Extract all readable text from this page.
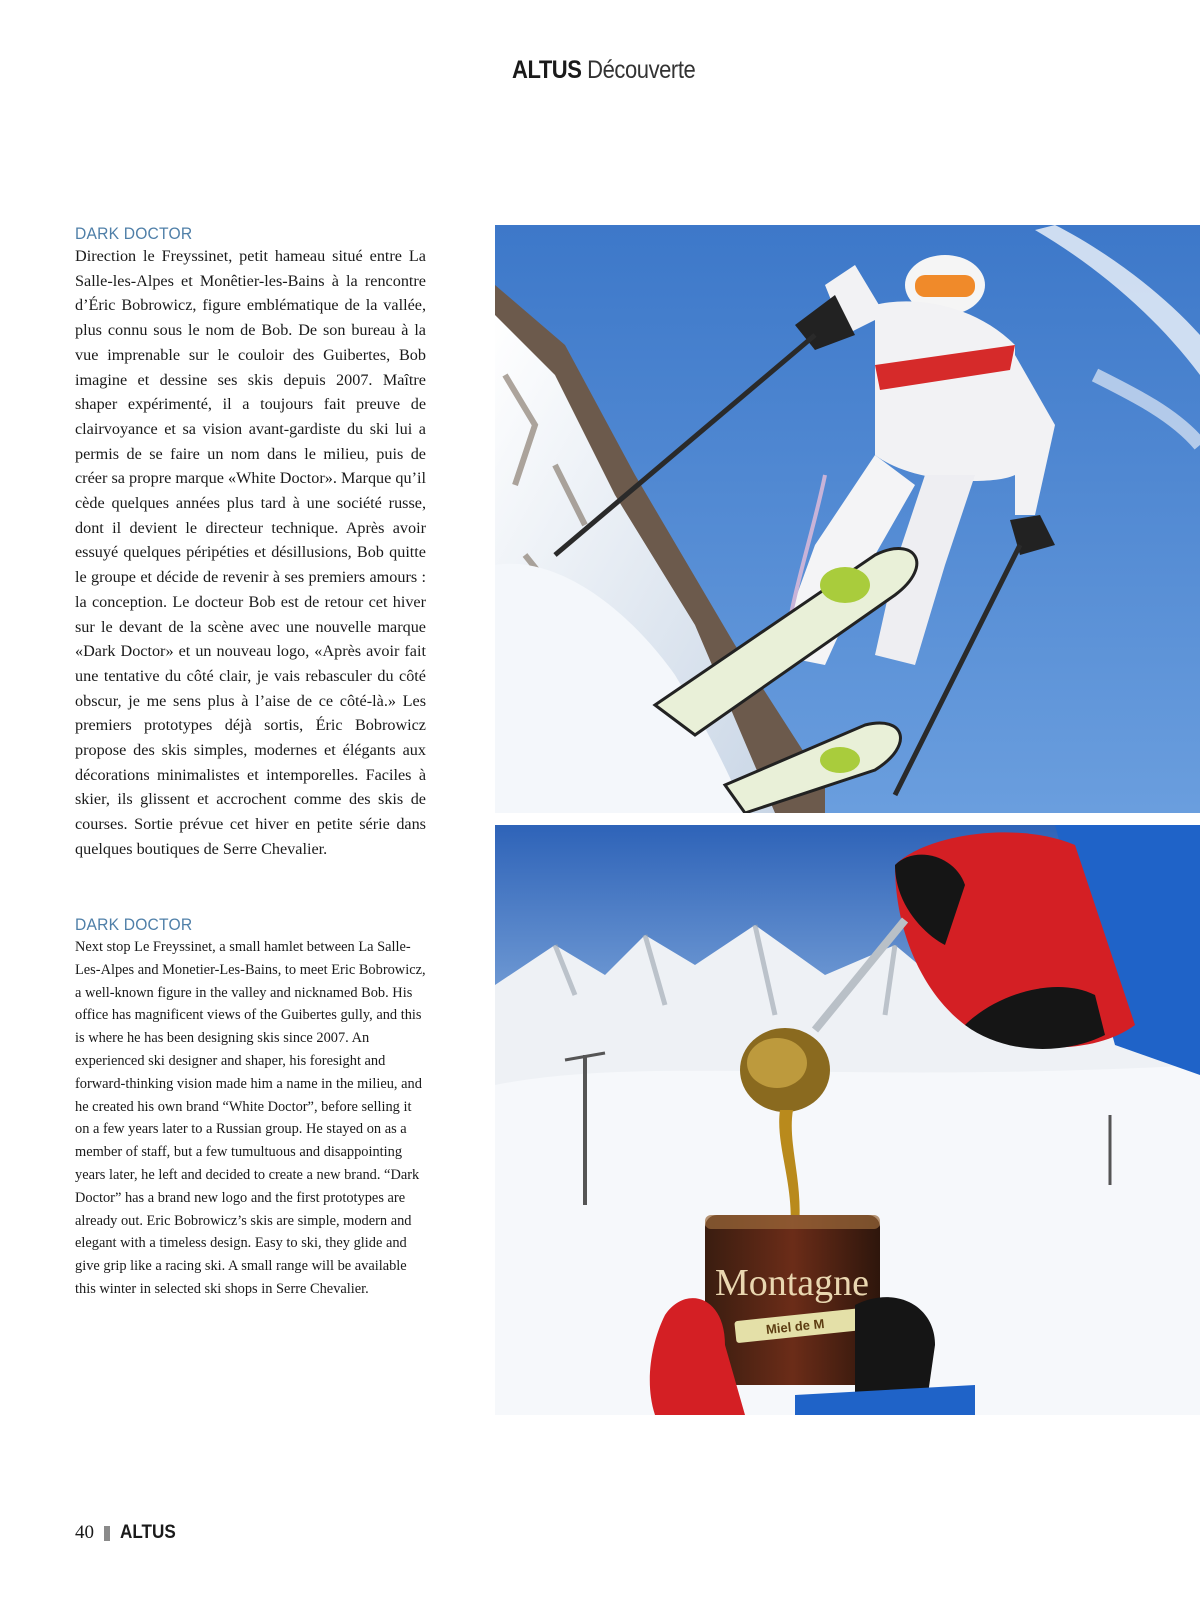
ALTUS Découverte
DARK DOCTOR
Direction le Freyssinet, petit hameau situé entre La Salle-les-Alpes et Monêtier-les-Bains à la rencontre d’Éric Bobrowicz, figure emblématique de la vallée, plus connu sous le nom de Bob. De son bureau à la vue imprenable sur le couloir des Guibertes, Bob imagine et dessine ses skis depuis 2007. Maître shaper expérimenté, il a toujours fait preuve de clairvoyance et sa vision avant-gardiste du ski lui a permis de se faire un nom dans le milieu, puis de créer sa propre marque «White Doctor». Marque qu’il cède quelques années plus tard à une société russe, dont il devient le directeur technique. Après avoir essuyé quelques péripéties et désillusions, Bob quitte le groupe et décide de revenir à ses premiers amours : la conception. Le docteur Bob est de retour cet hiver sur le devant de la scène avec une nouvelle marque «Dark Doctor» et un nouveau logo, «Après avoir fait une tentative du côté clair, je vais rebasculer du côté obscur, je me sens plus à l’aise de ce côté-là.» Les premiers prototypes déjà sortis, Éric Bobrowicz propose des skis simples, modernes et élégants aux décorations minimalistes et intemporelles. Faciles à skier, ils glissent et accrochent comme des skis de courses. Sortie prévue cet hiver en petite série dans quelques boutiques de Serre Chevalier.
DARK DOCTOR
Next stop Le Freyssinet, a small hamlet between La Salle-Les-Alpes and Monetier-Les-Bains, to meet Eric Bobrowicz, a well-known figure in the valley and nicknamed Bob. His office has magnificent views of the Guibertes gully, and this is where he has been designing skis since 2007. An experienced ski designer and shaper, his foresight and forward-thinking vision made him a name in the milieu, and he created his own brand “White Doctor”, before selling it on a few years later to a Russian group. He stayed on as a member of staff, but a few tumultuous and disappointing years later, he left and decided to create a new brand. “Dark Doctor” has a brand new logo and the first prototypes are already out. Eric Bobrowicz’s skis are simple, modern and elegant with a timeless design. Easy to ski, they glide and give grip like a racing ski. A small range will be available this winter in selected ski shops in Serre Chevalier.	Montagne
Miel de M
40 ALTUS
